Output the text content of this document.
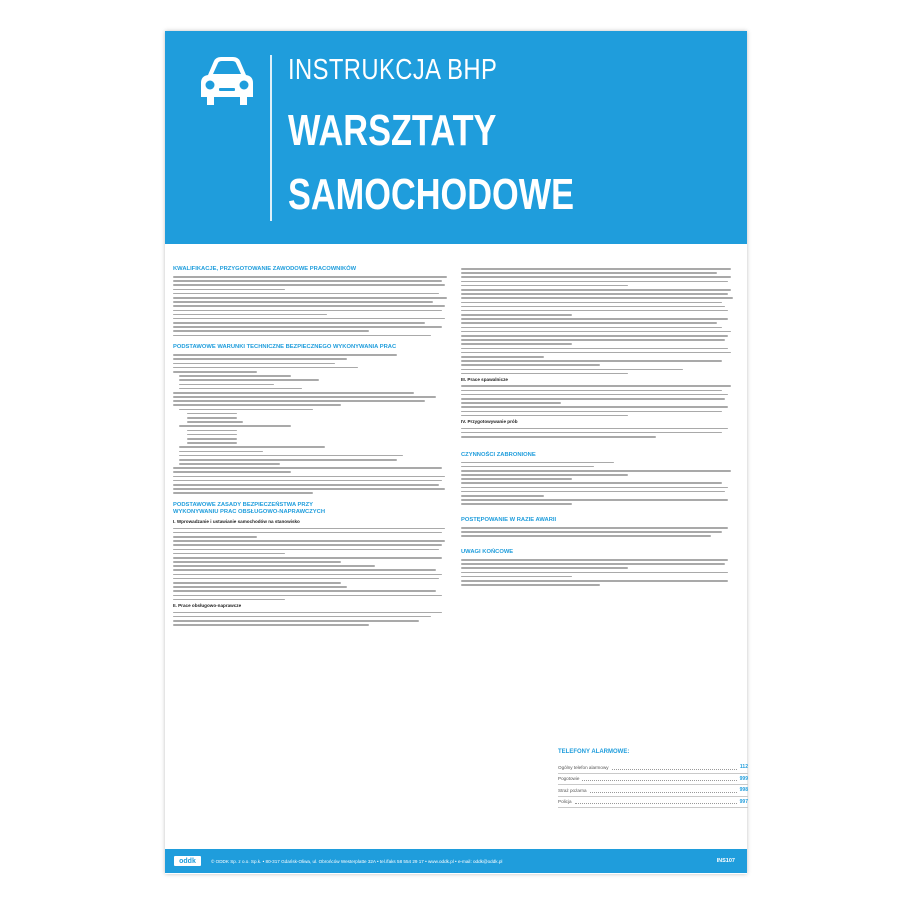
INSTRUKCJA BHP
WARSZTATY
SAMOCHODOWE
KWALIFIKACJE, PRZYGOTOWANIE ZAWODOWE PRACOWNIKÓW
PODSTAWOWE WARUNKI TECHNICZNE BEZPIECZNEGO WYKONYWANIA PRAC
PODSTAWOWE ZASADY BEZPIECZEŃSTWA PRZY
WYKONYWANIU PRAC OBSŁUGOWO-NAPRAWCZYCH
I. Wprowadzanie i ustawianie samochodów na stanowisko
II. Prace obsługowo-naprawcze
III. Prace spawalnicze
IV. Przygotowywanie prób
CZYNNOŚCI ZABRONIONE
POSTĘPOWANIE W RAZIE AWARII
UWAGI KOŃCOWE
TELEFONY ALARMOWE:
Ogólny telefon alarmowy	112
Pogotowie	999
Straż pożarna	998
Policja	997
oddk	© ODDK Sp. z o.o. Sp.k. • 80-317 Gdańsk-Oliwa, ul. Obrońców Westerplatte 32A • tel./faks 58 554 29 17 • www.oddk.pl • e-mail: oddk@oddk.pl	INS107
